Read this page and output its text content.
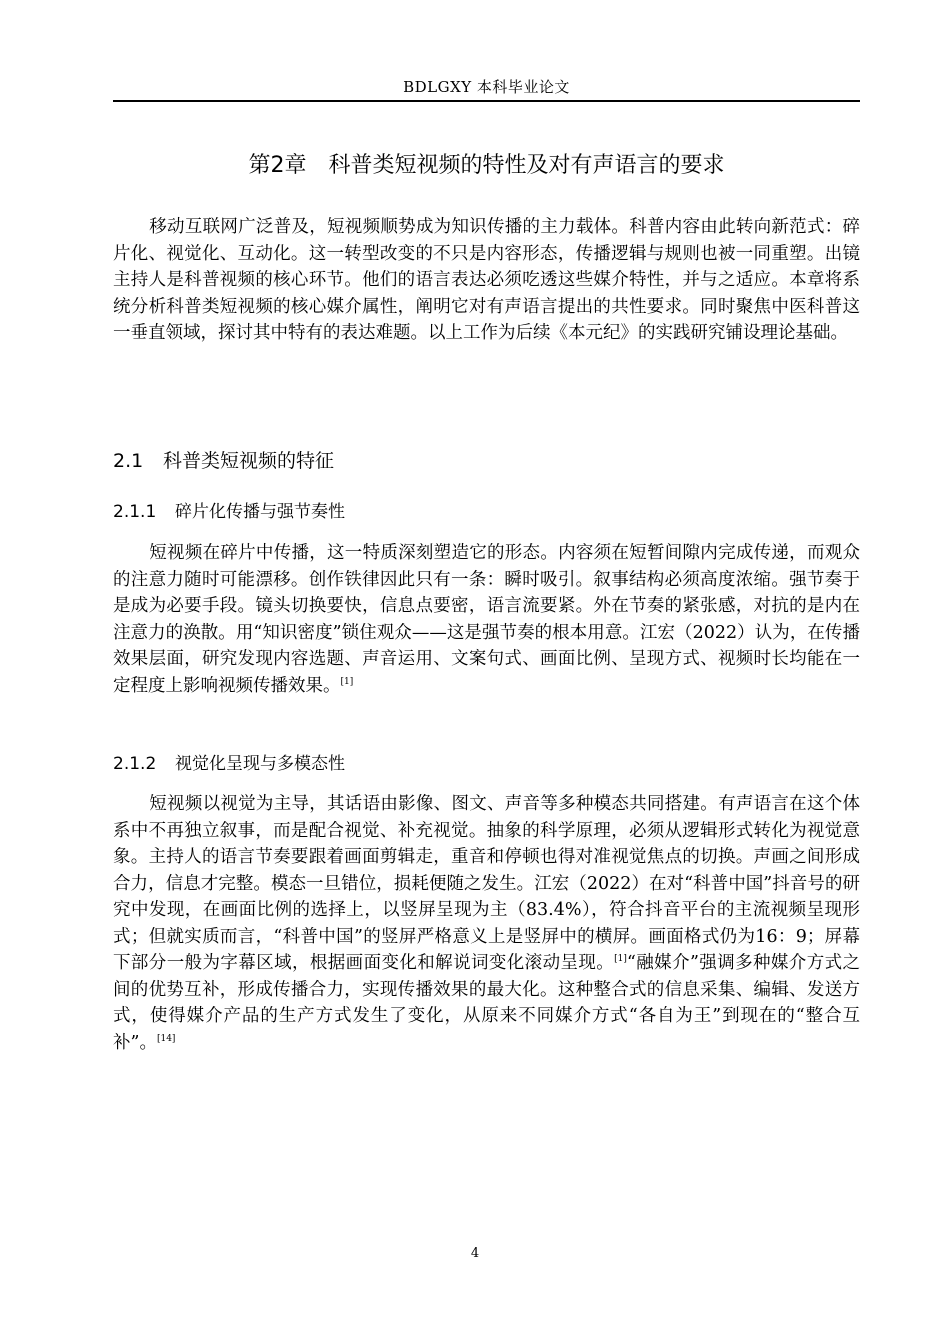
BDLGXY 本科毕业论文
第2章　科普类短视频的特性及对有声语言的要求
移动互联网广泛普及，短视频顺势成为知识传播的主力载体。科普内容由此转向新范式：碎片化、视觉化、互动化。这一转型改变的不只是内容形态，传播逻辑与规则也被一同重塑。出镜主持人是科普视频的核心环节。他们的语言表达必须吃透这些媒介特性，并与之适应。本章将系统分析科普类短视频的核心媒介属性，阐明它对有声语言提出的共性要求。同时聚焦中医科普这一垂直领域，探讨其中特有的表达难题。以上工作为后续《本元纪》的实践研究铺设理论基础。
2.1 科普类短视频的特征
2.1.1 碎片化传播与强节奏性
短视频在碎片中传播，这一特质深刻塑造它的形态。内容须在短暂间隙内完成传递，而观众的注意力随时可能漂移。创作铁律因此只有一条：瞬时吸引。叙事结构必须高度浓缩。强节奏于是成为必要手段。镜头切换要快，信息点要密，语言流要紧。外在节奏的紧张感，对抗的是内在注意力的涣散。用“知识密度”锁住观众——这是强节奏的根本用意。江宏（2022）认为，在传播效果层面，研究发现内容选题、声音运用、文案句式、画面比例、呈现方式、视频时长均能在一定程度上影响视频传播效果。[1]
2.1.2 视觉化呈现与多模态性
短视频以视觉为主导，其话语由影像、图文、声音等多种模态共同搭建。有声语言在这个体系中不再独立叙事，而是配合视觉、补充视觉。抽象的科学原理，必须从逻辑形式转化为视觉意象。主持人的语言节奏要跟着画面剪辑走，重音和停顿也得对准视觉焦点的切换。声画之间形成合力，信息才完整。模态一旦错位，损耗便随之发生。江宏（2022）在对“科普中国”抖音号的研究中发现，在画面比例的选择上，以竖屏呈现为主（83.4%），符合抖音平台的主流视频呈现形式；但就实质而言，“科普中国”的竖屏严格意义上是竖屏中的横屏。画面格式仍为16：9；屏幕下部分一般为字幕区域，根据画面变化和解说词变化滚动呈现。[1]“融媒介”强调多种媒介方式之间的优势互补，形成传播合力，实现传播效果的最大化。这种整合式的信息采集、编辑、发送方式，使得媒介产品的生产方式发生了变化，从原来不同媒介方式“各自为王”到现在的“整合互补”。[14]
4
